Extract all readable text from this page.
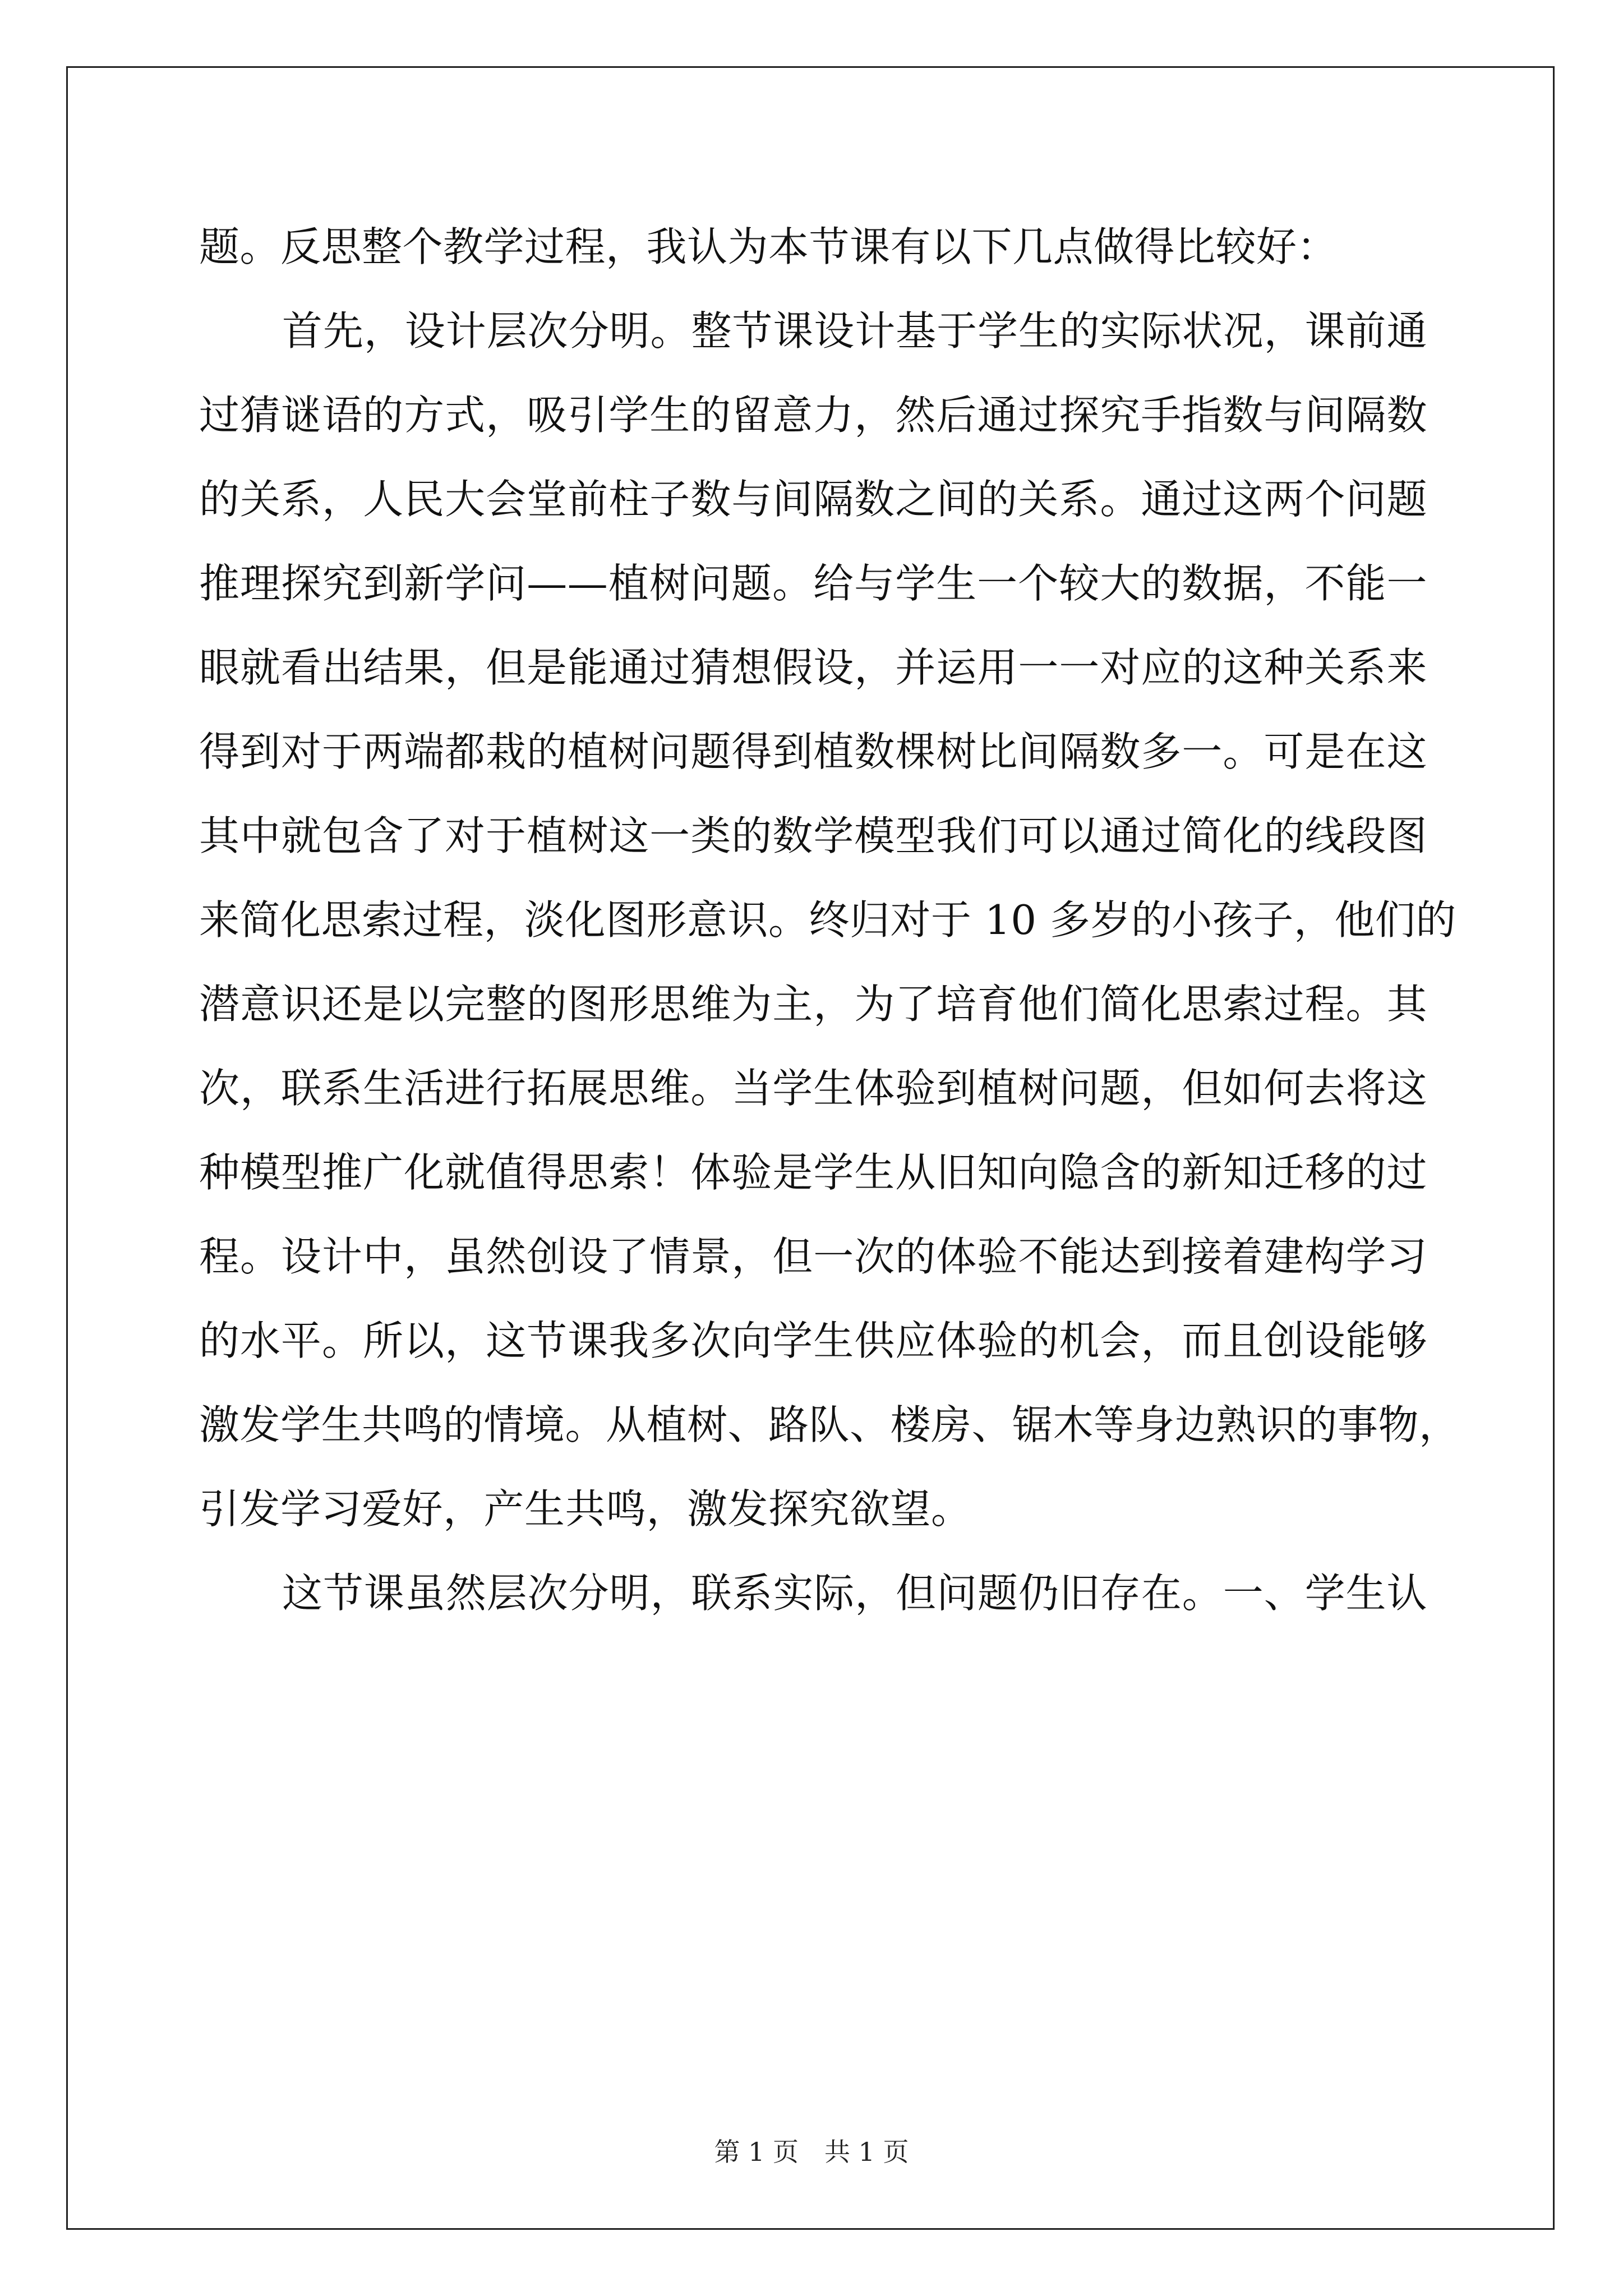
题。反思整个教学过程，我认为本节课有以下几点做得比较好：
首先，设计层次分明。整节课设计基于学生的实际状况，课前通
过猜谜语的方式，吸引学生的留意力，然后通过探究手指数与间隔数
的关系，人民大会堂前柱子数与间隔数之间的关系。通过这两个问题
推理探究到新学问——植树问题。给与学生一个较大的数据，不能一
眼就看出结果，但是能通过猜想假设，并运用一一对应的这种关系来
得到对于两端都栽的植树问题得到植数棵树比间隔数多一。可是在这
其中就包含了对于植树这一类的数学模型我们可以通过简化的线段图
来简化思索过程，淡化图形意识。终归对于 10 多岁的小孩子，他们的
潜意识还是以完整的图形思维为主，为了培育他们简化思索过程。其
次，联系生活进行拓展思维。当学生体验到植树问题，但如何去将这
种模型推广化就值得思索！体验是学生从旧知向隐含的新知迁移的过
程。设计中，虽然创设了情景，但一次的体验不能达到接着建构学习
的水平。所以，这节课我多次向学生供应体验的机会，而且创设能够
激发学生共鸣的情境。从植树、路队、楼房、锯木等身边熟识的事物，
引发学习爱好，产生共鸣，激发探究欲望。
这节课虽然层次分明，联系实际，但问题仍旧存在。一、学生认
第 1 页　共 1 页
